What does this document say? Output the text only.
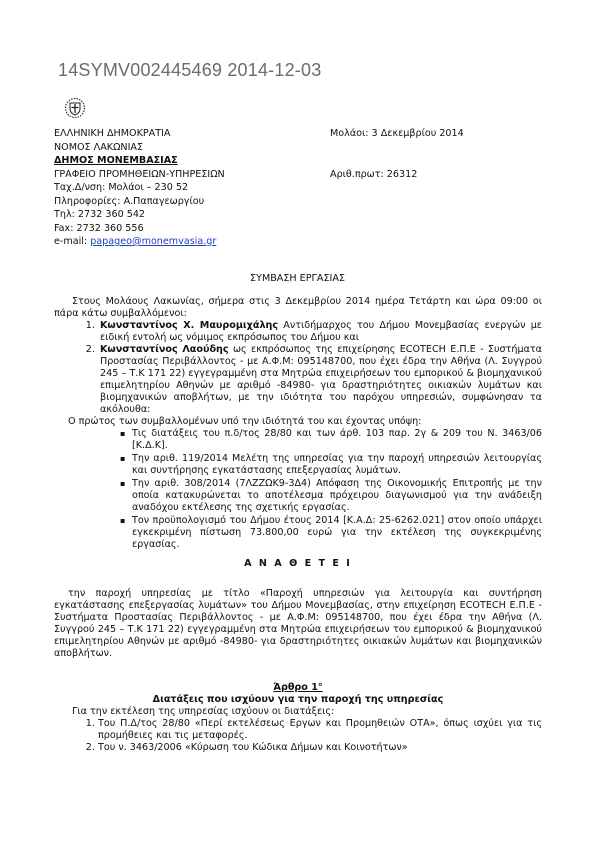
14SYMV002445469 2014-12-03
ΕΛΛΗΝΙΚΗ ΔΗΜΟΚΡΑΤΙΑ
ΝΟΜΟΣ ΛΑΚΩΝΙΑΣ
ΔΗΜΟΣ ΜΟΝΕΜΒΑΣΙΑΣ
ΓΡΑΦΕΙΟ ΠΡΟΜΗΘΕΙΩΝ-ΥΠΗΡΕΣΙΩΝ
Ταχ.Δ/νση: Μολάοι – 230 52
Πληροφορίες: Α.Παπαγεωργίου
Τηλ: 2732 360 542
Fax: 2732 360 556
e-mail: papageo@monemvasia.gr
Μολάοι: 3 Δεκεμβρίου 2014
Αριθ.πρωτ: 26312
ΣΥΜΒΑΣΗ ΕΡΓΑΣΙΑΣ

Στους Μολάους Λακωνίας, σήμερα στις 3 Δεκεμβρίου 2014 ημέρα Τετάρτη και ώρα 09:00 οι πάρα κάτω συμβαλλόμενοι:

1. Κωνσταντίνος Χ. Μαυρομιχάλης Αντιδήμαρχος του Δήμου Μονεμβασίας ενεργών με ειδική εντολή ως νόμιμος εκπρόσωπος του Δήμου και
2. Κωνσταντίνος Λαούδης ως εκπρόσωπος της επιχείρησης ECOTECH Ε.Π.Ε - Συστήματα Προστασίας Περιβάλλοντος - με Α.Φ.Μ: 095148700, που έχει έδρα την Αθήνα (Λ. Συγγρού 245 – Τ.Κ 171 22) εγγεγραμμένη στα Μητρώα επιχειρήσεων του εμπορικού & βιομηχανικού επιμελητηρίου Αθηνών με αριθμό -84980- για δραστηριότητες οικιακών λυμάτων και βιομηχανικών αποβλήτων, με την ιδιότητα του παρόχου υπηρεσιών, συμφώνησαν τα ακόλουθα:

Ο πρώτος των συμβαλλομένων υπό την ιδιότητά του και έχοντας υπόψη:

▪ Τις διατάξεις του π.δ/τος 28/80 και των άρθ. 103 παρ. 2γ & 209 του Ν. 3463/06 [Κ.Δ.Κ].
▪ Την αριθ. 119/2014 Μελέτη της υπηρεσίας για την παροχή υπηρεσιών λειτουργίας και συντήρησης εγκατάστασης επεξεργασίας λυμάτων.
▪ Την αριθ. 308/2014 (7ΛΖΖΩΚ9-3Δ4) Απόφαση της Οικονομικής Επιτροπής με την οποία κατακυρώνεται το αποτέλεσμα πρόχειρου διαγωνισμού για την ανάδειξη αναδόχου εκτέλεσης της σχετικής εργασίας.
▪ Τον προϋπολογισμό του Δήμου έτους 2014 [Κ.Α.Δ: 25-6262.021] στον οποίο υπάρχει εγκεκριμένη πίστωση 73.800,00 ευρώ για την εκτέλεση της συγκεκριμένης εργασίας.

Α Ν Α Θ Ε Τ Ε Ι

την παροχή υπηρεσίας με τίτλο «Παροχή υπηρεσιών για λειτουργία και συντήρηση εγκατάστασης επεξεργασίας λυμάτων» του Δήμου Μονεμβασίας, στην επιχείρηση ECOTECH Ε.Π.Ε - Συστήματα Προστασίας Περιβάλλοντος - με Α.Φ.Μ: 095148700, που έχει έδρα την Αθήνα (Λ. Συγγρού 245 – Τ.Κ 171 22) εγγεγραμμένη στα Μητρώα επιχειρήσεων του εμπορικού & βιομηχανικού επιμελητηρίου Αθηνών με αριθμό -84980- για δραστηριότητες οικιακών λυμάτων και βιομηχανικών αποβλήτων.

Άρθρο 1°

Διατάξεις που ισχύουν για την παροχή της υπηρεσίας

Για την εκτέλεση της υπηρεσίας ισχύουν οι διατάξεις:

1. Του Π.Δ/τος 28/80 «Περί εκτελέσεως Εργων και Προμηθειών ΟΤΑ», όπως ισχύει για τις προμήθειες και τις μεταφορές.
2. Του ν. 3463/2006 «Κύρωση του Κώδικα Δήμων και Κοινοτήτων»
